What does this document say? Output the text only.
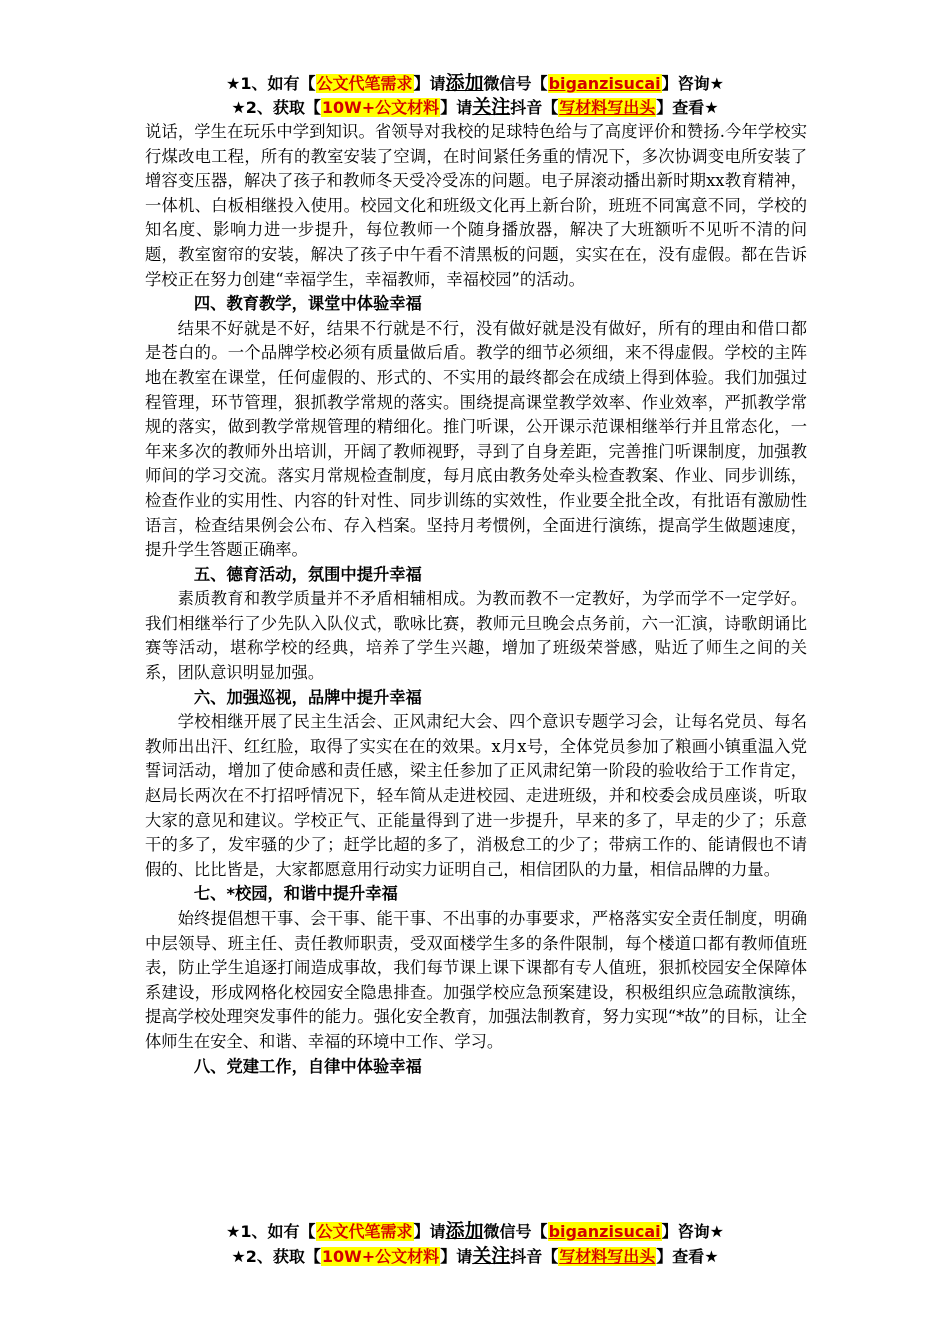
★1、如有【公文代笔需求】请添加微信号【biganzisucai】咨询★
★2、获取【10W+公文材料】请关注抖音【写材料写出头】查看★

说话，学生在玩乐中学到知识。省领导对我校的足球特色给与了高度评价和赞扬.今年学校实行煤改电工程，所有的教室安装了空调，在时间紧任务重的情况下，多次协调变电所安装了增容变压器，解决了孩子和教师冬天受冷受冻的问题。电子屏滚动播出新时期xx教育精神，一体机、白板相继投入使用。校园文化和班级文化再上新台阶，班班不同寓意不同，学校的知名度、影响力进一步提升，每位教师一个随身播放器，解决了大班额听不见听不清的问题，教室窗帘的安装，解决了孩子中午看不清黑板的问题，实实在在，没有虚假。都在告诉学校正在努力创建“幸福学生，幸福教师，幸福校园”的活动。

四、教育教学，课堂中体验幸福

结果不好就是不好，结果不行就是不行，没有做好就是没有做好，所有的理由和借口都是苍白的。一个品牌学校必须有质量做后盾。教学的细节必须细，来不得虚假。学校的主阵地在教室在课堂，任何虚假的、形式的、不实用的最终都会在成绩上得到体验。我们加强过程管理，环节管理，狠抓教学常规的落实。围绕提高课堂教学效率、作业效率，严抓教学常规的落实，做到教学常规管理的精细化。推门听课，公开课示范课相继举行并且常态化，一年来多次的教师外出培训，开阔了教师视野，寻到了自身差距，完善推门听课制度，加强教师间的学习交流。落实月常规检查制度，每月底由教务处牵头检查教案、作业、同步训练，检查作业的实用性、内容的针对性、同步训练的实效性，作业要全批全改，有批语有激励性语言，检查结果例会公布、存入档案。坚持月考惯例，全面进行演练，提高学生做题速度，提升学生答题正确率。

五、德育活动，氛围中提升幸福

素质教育和教学质量并不矛盾相辅相成。为教而教不一定教好，为学而学不一定学好。我们相继举行了少先队入队仪式，歌咏比赛，教师元旦晚会点务前，六一汇演，诗歌朗诵比赛等活动，堪称学校的经典，培养了学生兴趣，增加了班级荣誉感，贴近了师生之间的关系，团队意识明显加强。

六、加强巡视，品牌中提升幸福

学校相继开展了民主生活会、正风肃纪大会、四个意识专题学习会，让每名党员、每名教师出出汗、红红脸，取得了实实在在的效果。x月x号，全体党员参加了粮画小镇重温入党誓词活动，增加了使命感和责任感，梁主任参加了正风肃纪第一阶段的验收给于工作肯定，赵局长两次在不打招呼情况下，轻车简从走进校园、走进班级，并和校委会成员座谈，听取大家的意见和建议。学校正气、正能量得到了进一步提升，早来的多了，早走的少了；乐意干的多了，发牢骚的少了；赶学比超的多了，消极怠工的少了；带病工作的、能请假也不请假的、比比皆是，大家都愿意用行动实力证明自己，相信团队的力量，相信品牌的力量。

七、*校园，和谐中提升幸福

始终提倡想干事、会干事、能干事、不出事的办事要求，严格落实安全责任制度，明确中层领导、班主任、责任教师职责，受双面楼学生多的条件限制，每个楼道口都有教师值班表，防止学生追逐打闹造成事故，我们每节课上课下课都有专人值班，狠抓校园安全保障体系建设，形成网格化校园安全隐患排查。加强学校应急预案建设，积极组织应急疏散演练，提高学校处理突发事件的能力。强化安全教育，加强法制教育，努力实现“*故”的目标，让全体师生在安全、和谐、幸福的环境中工作、学习。

八、党建工作，自律中体验幸福
★1、如有【公文代笔需求】请添加微信号【biganzisucai】咨询★
★2、获取【10W+公文材料】请关注抖音【写材料写出头】查看★
